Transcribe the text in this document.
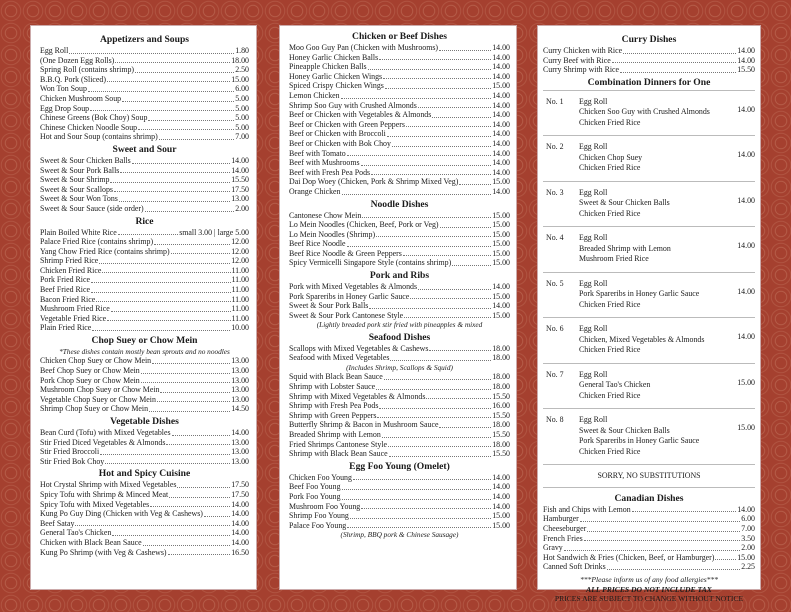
Appetizers and Soups
Egg Roll	1.80
(One Dozen Egg Rolls)	18.00
Spring Roll (contains shrimp)	2.50
B.B.Q. Pork (Sliced)	15.00
Won Ton Soup	6.00
Chicken Mushroom Soup	5.00
Egg Drop Soup	5.00
Chinese Greens (Bok Choy) Soup	5.00
Chinese Chicken Noodle Soup	5.00
Hot and Sour Soup (contains shrimp)	7.00
Sweet and Sour
Sweet & Sour Chicken Balls	14.00
Sweet & Sour Pork Balls	14.00
Sweet & Sour Shrimp	15.50
Sweet & Sour Scallops	17.50
Sweet & Sour Won Tons	13.00
Sweet & Sour Sauce (side order)	2.00
Rice
Plain Boiled White Rice	small 3.00 | large 5.00
Palace Fried Rice (contains shrimp)	12.00
Yang Chow Fried Rice (contains shrimp)	12.00
Shrimp Fried Rice	12.00
Chicken Fried Rice	11.00
Pork Fried Rice	11.00
Beef Fried Rice	11.00
Bacon Fried Rice	11.00
Mushroom Fried Rice	11.00
Vegetable Fried Rice	11.00
Plain Fried Rice	10.00
Chop Suey or Chow Mein
*These dishes contain mostly bean sprouts and no noodles
Chicken Chop Suey or Chow Mein	13.00
Beef Chop Suey or Chow Mein	13.00
Pork Chop Suey or Chow Mein	13.00
Mushroom Chop Suey or Chow Mein	13.00
Vegetable Chop Suey or Chow Mein	13.00
Shrimp Chop Suey or Chow Mein	14.50
Vegetable Dishes
Bean Curd (Tofu) with Mixed Vegetables	14.00
Stir Fried Diced Vegetables & Almonds	13.00
Stir Fried Broccoli	13.00
Stir Fried Bok Choy	13.00
Hot and Spicy Cuisine
Hot Crystal Shrimp with Mixed Vegetables	17.50
Spicy Tofu with Shrimp & Minced Meat	17.50
Spicy Tofu with Mixed Vegetables	14.00
Kung Po Guy Ding (Chicken with Veg & Cashews)	14.00
Beef Satay	14.00
General Tao's Chicken	14.00
Chicken with Black Bean Sauce	14.00
Kung Po Shrimp (with Veg & Cashews)	16.50
Chicken or Beef Dishes
Moo Goo Guy Pan (Chicken with Mushrooms)	14.00
Honey Garlic Chicken Balls	14.00
Pineapple Chicken Balls	14.00
Honey Garlic Chicken Wings	14.00
Spiced Crispy Chicken Wings	15.00
Lemon Chicken	14.00
Shrimp Soo Guy with Crushed Almonds	14.00
Beef or Chicken with Vegetables & Almonds	14.00
Beef or Chicken with Green Peppers	14.00
Beef or Chicken with Broccoli	14.00
Beef or Chicken with Bok Choy	14.00
Beef with Tomato	14.00
Beef with Mushrooms	14.00
Beef with Fresh Pea Pods	14.00
Dai Dop Woey (Chicken, Pork & Shrimp Mixed Veg)	15.00
Orange Chicken	14.00
Noodle Dishes
Cantonese Chow Mein	15.00
Lo Mein Noodles (Chicken, Beef, Pork or Veg)	15.00
Lo Mein Noodles (Shrimp)	15.00
Beef Rice Noodle	15.00
Beef Rice Noodle & Green Peppers	15.00
Spicy Vermicelli Singapore Style (contains shrimp)	15.00
Pork and Ribs
Pork with Mixed Vegetables & Almonds	14.00
Pork Spareribs in Honey Garlic Sauce	15.00
Sweet & Sour Pork Balls	14.00
Sweet & Sour Pork Cantonese Style	15.00
(Lightly breaded pork stir fried with pineapples & mixed
Seafood Dishes
Scallops with Mixed Vegetables & Cashews	18.00
Seafood with Mixed Vegetables	18.00
(Includes Shrimp, Scallops & Squid)
Squid with Black Bean Sauce	18.00
Shrimp with Lobster Sauce	18.00
Shrimp with Mixed Vegetables & Almonds	15.50
Shrimp with Fresh Pea Pods	16.00
Shrimp with Green Peppers	15.50
Butterfly Shrimp & Bacon in Mushroom Sauce	18.00
Breaded Shrimp with Lemon	15.50
Fried Shrimps Cantonese Style	18.00
Shrimp with Black Bean Sauce	15.50
Egg Foo Young (Omelet)
Chicken Foo Young	14.00
Beef Foo Young	14.00
Pork Foo Young	14.00
Mushroom Foo Young	14.00
Shrimp Foo Young	15.00
Palace Foo Young	15.00
(Shrimp, BBQ pork & Chinese Sausage)
Curry Dishes
Curry Chicken with Rice	14.00
Curry Beef with Rice	14.00
Curry Shrimp with Rice	15.50
Combination Dinners for One
No. 1	Egg Roll
Chicken Soo Guy with Crushed Almonds
Chicken Fried Rice
14.00
No. 2	Egg Roll
Chicken Chop Suey
Chicken Fried Rice
14.00
No. 3	Egg Roll
Sweet & Sour Chicken Balls
Chicken Fried Rice
14.00
No. 4	Egg Roll
Breaded Shrimp with Lemon
Mushroom Fried Rice
14.00
No. 5	Egg Roll
Pork Spareribs in Honey Garlic Sauce
Chicken Fried Rice
14.00
No. 6	Egg Roll
Chicken, Mixed Vegetables & Almonds
Chicken Fried Rice
14.00
No. 7	Egg Roll
General Tao's Chicken
Chicken Fried Rice
15.00
No. 8	Egg Roll
Sweet & Sour Chicken Balls
Pork Spareribs in Honey Garlic Sauce
Chicken Fried Rice
15.00
SORRY, NO SUBSTITUTIONS
Canadian Dishes
Fish and Chips with Lemon	14.00
Hamburger	6.00
Cheeseburger	7.00
French Fries	3.50
Gravy	2.00
Hot Sandwich & Fries (Chicken, Beef, or Hamburger)	15.00
Canned Soft Drinks	2.25
***Please inform us of any food allergies***
ALL PRICES DO NOT INCLUDE TAX
PRICES ARE SUBJECT TO CHANGE WITHOUT NOTICE
